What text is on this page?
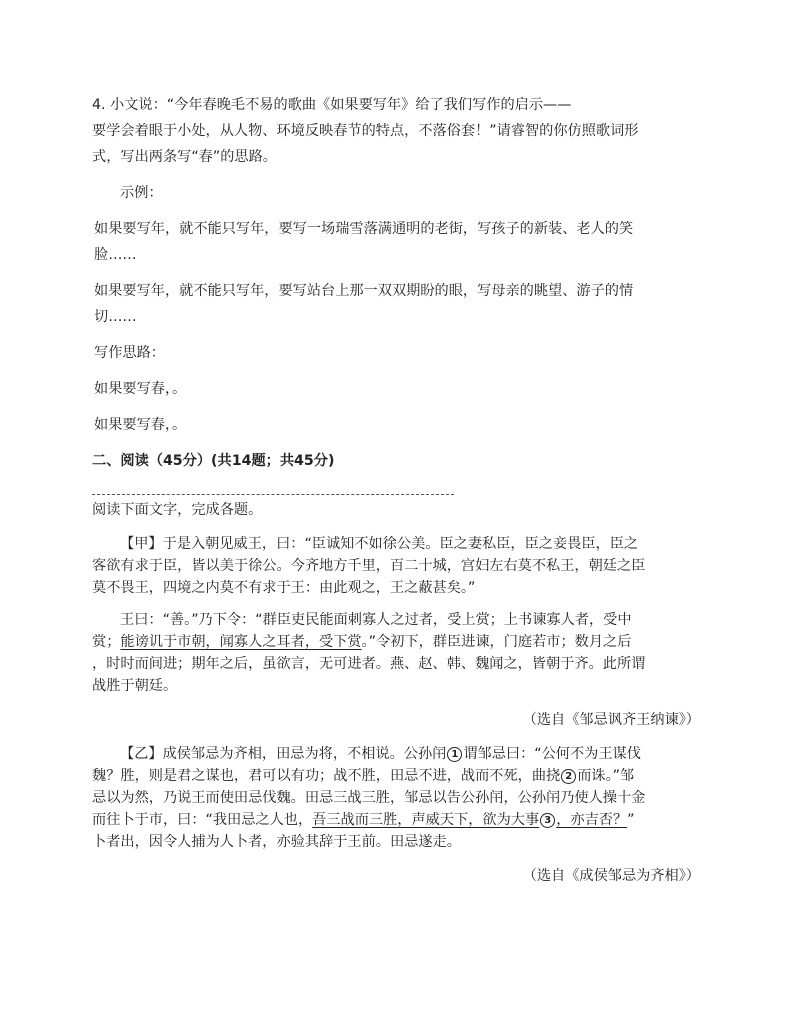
4. 小文说：“今年春晚毛不易的歌曲《如果要写年》给了我们写作的启示——
要学会着眼于小处，从人物、环境反映春节的特点，不落俗套！”请睿智的你仿照歌词形
式，写出两条写“春”的思路。
示例：
如果要写年，就不能只写年，要写一场瑞雪落满通明的老街，写孩子的新装、老人的笑
脸……
如果要写年，就不能只写年，要写站台上那一双双期盼的眼，写母亲的眺望、游子的情
切……
写作思路：
如果要写春，。
如果要写春，。
二、阅读（45分）(共14题；共45分)
阅读下面文字，完成各题。
【甲】于是入朝见威王，曰：“臣诚知不如徐公美。臣之妻私臣，臣之妾畏臣，臣之
客欲有求于臣，皆以美于徐公。今齐地方千里，百二十城，宫妇左右莫不私王，朝廷之臣
莫不畏王，四境之内莫不有求于王：由此观之，王之蔽甚矣。”
王曰：“善。”乃下令：“群臣吏民能面刺寡人之过者，受上赏；上书谏寡人者，受中
赏；能谤讥于市朝，闻寡人之耳者，受下赏。”令初下，群臣进谏，门庭若市；数月之后
，时时而间进；期年之后，虽欲言，无可进者。燕、赵、韩、魏闻之，皆朝于齐。此所谓
战胜于朝廷。
（选自《邹忌讽齐王纳谏》）
【乙】成侯邹忌为齐相，田忌为将，不相说。公孙闬 1 谓邹忌曰：“公何不为王谋伐
魏？胜，则是君之谋也，君可以有功；战不胜，田忌不进，战而不死，曲挠 2 而诛。”邹
忌以为然，乃说王而使田忌伐魏。田忌三战三胜，邹忌以告公孙闬，公孙闬乃使人操十金
而往卜于市，曰：“我田忌之人也，吾三战而三胜，声威天下，欲为大事 3 ，亦吉否？”
卜者出，因令人捕为人卜者，亦验其辞于王前。田忌遂走。
（选自《成侯邹忌为齐相》）
